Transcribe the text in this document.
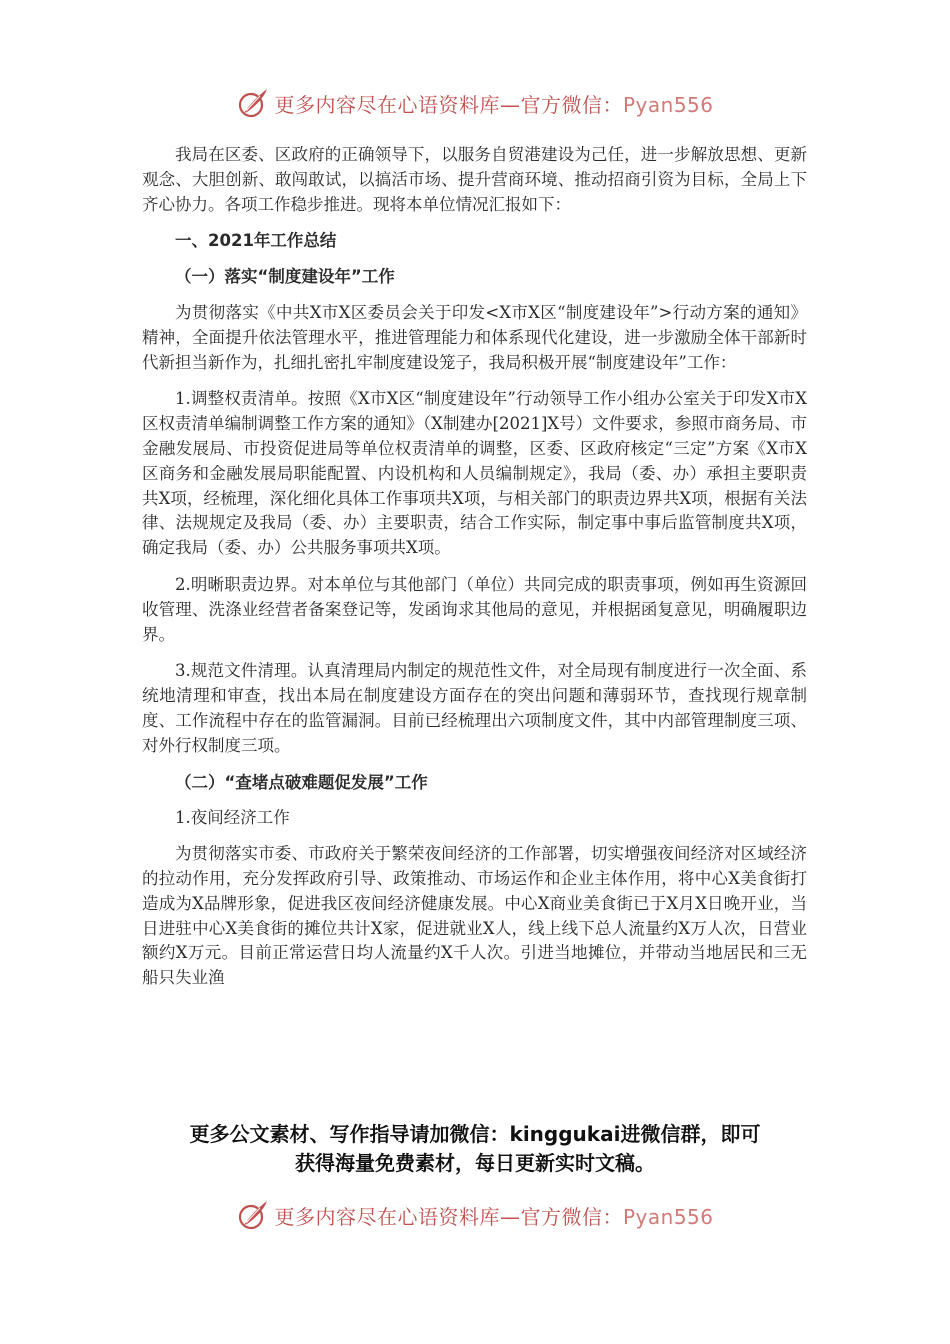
更多内容尽在心语资料库—官方微信：Pyan556

我局在区委、区政府的正确领导下，以服务自贸港建设为己任，进一步解放思想、更新观念、大胆创新、敢闯敢试，以搞活市场、提升营商环境、推动招商引资为目标，全局上下齐心协力。各项工作稳步推进。现将本单位情况汇报如下：

一、2021年工作总结

（一）落实“制度建设年”工作

为贯彻落实《中共X市X区委员会关于印发<X市X区“制度建设年”>行动方案的通知》精神，全面提升依法管理水平，推进管理能力和体系现代化建设，进一步激励全体干部新时代新担当新作为，扎细扎密扎牢制度建设笼子，我局积极开展“制度建设年”工作：

1.调整权责清单。按照《X市X区“制度建设年”行动领导工作小组办公室关于印发X市X区权责清单编制调整工作方案的通知》（X制建办[2021]X号）文件要求，参照市商务局、市金融发展局、市投资促进局等单位权责清单的调整，区委、区政府核定“三定”方案《X市X区商务和金融发展局职能配置、内设机构和人员编制规定》，我局（委、办）承担主要职责共X项，经梳理，深化细化具体工作事项共X项，与相关部门的职责边界共X项，根据有关法律、法规规定及我局（委、办）主要职责，结合工作实际，制定事中事后监管制度共X项，确定我局（委、办）公共服务事项共X项。

2.明晰职责边界。对本单位与其他部门（单位）共同完成的职责事项，例如再生资源回收管理、洗涤业经营者备案登记等，发函询求其他局的意见，并根据函复意见，明确履职边界。

3.规范文件清理。认真清理局内制定的规范性文件，对全局现有制度进行一次全面、系统地清理和审查，找出本局在制度建设方面存在的突出问题和薄弱环节，查找现行规章制度、工作流程中存在的监管漏洞。目前已经梳理出六项制度文件，其中内部管理制度三项、对外行权制度三项。

（二）“查堵点破难题促发展”工作

1.夜间经济工作

为贯彻落实市委、市政府关于繁荣夜间经济的工作部署，切实增强夜间经济对区域经济的拉动作用，充分发挥政府引导、政策推动、市场运作和企业主体作用，将中心X美食街打造成为X品牌形象，促进我区夜间经济健康发展。中心X商业美食街已于X月X日晚开业，当日进驻中心X美食街的摊位共计X家，促进就业X人，线上线下总人流量约X万人次，日营业额约X万元。目前正常运营日均人流量约X千人次。引进当地摊位，并带动当地居民和三无船只失业渔

更多公文素材、写作指导请加微信：kinggukai进微信群，即可
获得海量免费素材，每日更新实时文稿。
更多内容尽在心语资料库—官方微信：Pyan556
